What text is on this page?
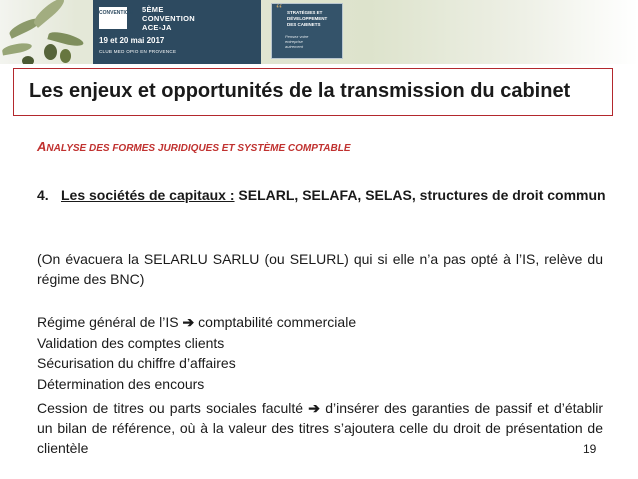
CONVENTION 5ÈME
CONVENTION
ACE-JA
19 et 20 mai 2017
CLUB MED OPIO EN PROVENCE
“ STRATÉGIES ET
DÉVELOPPEMENT
DES CABINETS
Pensez votre
entreprise
autrement
Les enjeux et opportunités de la transmission du cabinet
ANALYSE DES FORMES JURIDIQUES ET SYSTÈME COMPTABLE
4. Les sociétés de capitaux : SELARL, SELAFA, SELAS, structures de droit commun
(On évacuera la SELARLU SARLU (ou SELURL) qui si elle n’a pas opté à l’IS, relève du régime des BNC)
Régime général de l’IS ➔ comptabilité commerciale
Validation des comptes clients
Sécurisation du chiffre d’affaires
Détermination des encours
Cession de titres ou parts sociales faculté ➔ d’insérer des garanties de passif et d’établir un bilan de référence, où à la valeur des titres s’ajoutera celle du droit de présentation de clientèle	19
